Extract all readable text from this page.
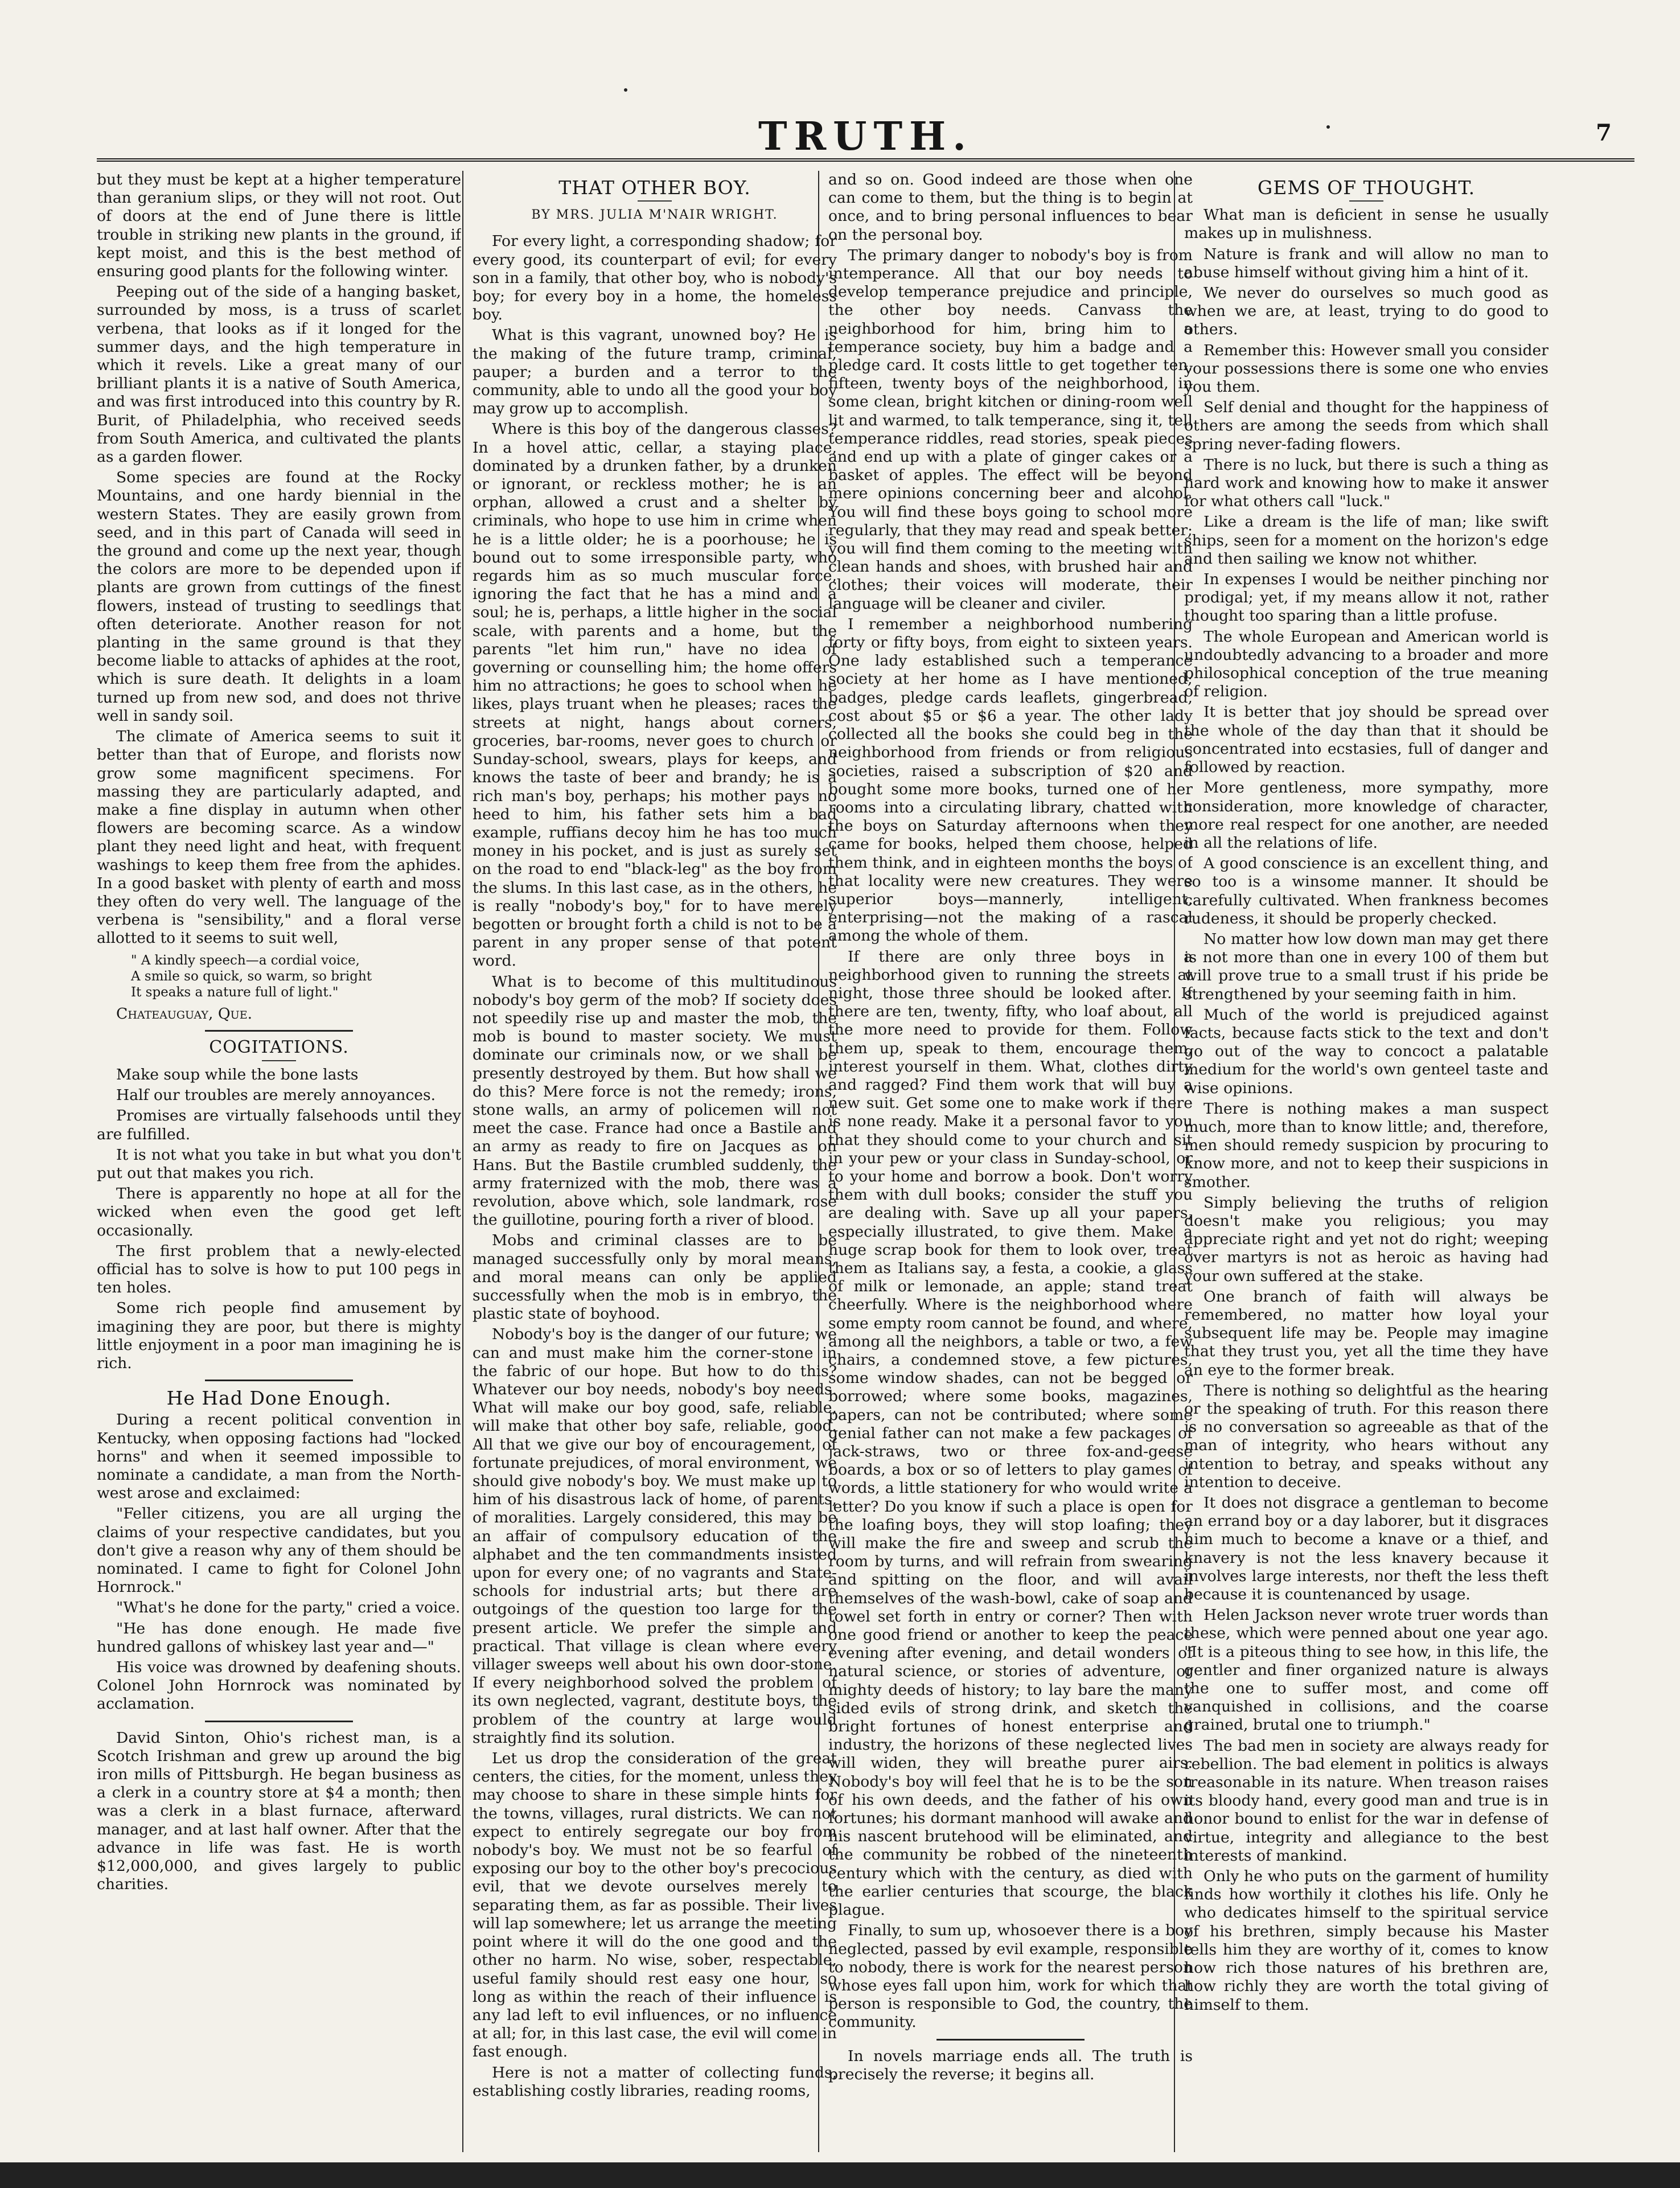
TRUTH.	7

but they must be kept at a higher temperature than geranium slips, or they will not root. Out of doors at the end of June there is little trouble in striking new plants in the ground, if kept moist, and this is the best method of ensuring good plants for the following winter.

Peeping out of the side of a hanging basket, surrounded by moss, is a truss of scarlet verbena, that looks as if it longed for the summer days, and the high temperature in which it revels. Like a great many of our brilliant plants it is a native of South America, and was first introduced into this country by R. Burit, of Philadelphia, who received seeds from South America, and cultivated the plants as a garden flower.

Some species are found at the Rocky Mountains, and one hardy biennial in the western States. They are easily grown from seed, and in this part of Canada will seed in the ground and come up the next year, though the colors are more to be depended upon if plants are grown from cuttings of the finest flowers, instead of trusting to seedlings that often deteriorate. Another reason for not planting in the same ground is that they become liable to attacks of aphides at the root, which is sure death. It delights in a loam turned up from new sod, and does not thrive well in sandy soil.

The climate of America seems to suit it better than that of Europe, and florists now grow some magnificent specimens. For massing they are particularly adapted, and make a fine display in autumn when other flowers are becoming scarce. As a window plant they need light and heat, with frequent washings to keep them free from the aphides. In a good basket with plenty of earth and moss they often do very well. The language of the verbena is "sensibility," and a floral verse allotted to it seems to suit well,

" A kindly speech—a cordial voice,
A smile so quick, so warm, so bright
It speaks a nature full of light."

Chateauguay, Que.

COGITATIONS.

Make soup while the bone lasts

Half our troubles are merely annoyances.

Promises are virtually falsehoods until they are fulfilled.

It is not what you take in but what you don't put out that makes you rich.

There is apparently no hope at all for the wicked when even the good get left occasionally.

The first problem that a newly-elected official has to solve is how to put 100 pegs in ten holes.

Some rich people find amusement by imagining they are poor, but there is mighty little enjoyment in a poor man imagining he is rich.

He Had Done Enough.

During a recent political convention in Kentucky, when opposing factions had "locked horns" and when it seemed impossible to nominate a candidate, a man from the North-west arose and exclaimed:

"Feller citizens, you are all urging the claims of your respective candidates, but you don't give a reason why any of them should be nominated. I came to fight for Colonel John Hornrock."

"What's he done for the party," cried a voice.

"He has done enough. He made five hundred gallons of whiskey last year and—"

His voice was drowned by deafening shouts. Colonel John Hornrock was nominated by acclamation.

David Sinton, Ohio's richest man, is a Scotch Irishman and grew up around the big iron mills of Pittsburgh. He began business as a clerk in a country store at $4 a month; then was a clerk in a blast furnace, afterward manager, and at last half owner. After that the advance in life was fast. He is worth $12,000,000, and gives largely to public charities.

THAT OTHER BOY.
BY MRS. JULIA M'NAIR WRIGHT.

For every light, a corresponding shadow; for every good, its counterpart of evil; for every son in a family, that other boy, who is nobody's boy; for every boy in a home, the homeless boy.

What is this vagrant, unowned boy? He is the making of the future tramp, criminal, pauper; a burden and a terror to the community, able to undo all the good your boy may grow up to accomplish.

Where is this boy of the dangerous classes? In a hovel attic, cellar, a staying place, dominated by a drunken father, by a drunken or ignorant, or reckless mother; he is an orphan, allowed a crust and a shelter by criminals, who hope to use him in crime when he is a little older; he is a poorhouse; he is bound out to some irresponsible party, who regards him as so much muscular force, ignoring the fact that he has a mind and a soul; he is, perhaps, a little higher in the social scale, with parents and a home, but the parents "let him run," have no idea of governing or counselling him; the home offers him no attractions; he goes to school when he likes, plays truant when he pleases; races the streets at night, hangs about corners, groceries, bar-rooms, never goes to church or Sunday-school, swears, plays for keeps, and knows the taste of beer and brandy; he is a rich man's boy, perhaps; his mother pays no heed to him, his father sets him a bad example, ruffians decoy him he has too much money in his pocket, and is just as surely set on the road to end "black-leg" as the boy from the slums. In this last case, as in the others, he is really "nobody's boy," for to have merely begotten or brought forth a child is not to be a parent in any proper sense of that potent word.

What is to become of this multitudinous nobody's boy germ of the mob? If society does not speedily rise up and master the mob, the mob is bound to master society. We must dominate our criminals now, or we shall be presently destroyed by them. But how shall we do this? Mere force is not the remedy; irons, stone walls, an army of policemen will not meet the case. France had once a Bastile and an army as ready to fire on Jacques as on Hans. But the Bastile crumbled suddenly, the army fraternized with the mob, there was a revolution, above which, sole landmark, rose the guillotine, pouring forth a river of blood.

Mobs and criminal classes are to be managed successfully only by moral means, and moral means can only be applied successfully when the mob is in embryo, the plastic state of boyhood.

Nobody's boy is the danger of our future; we can and must make him the corner-stone in the fabric of our hope. But how to do this? Whatever our boy needs, nobody's boy needs. What will make our boy good, safe, reliable, will make that other boy safe, reliable, good. All that we give our boy of encouragement, of fortunate prejudices, of moral environment, we should give nobody's boy. We must make up to him of his disastrous lack of home, of parents, of moralities. Largely considered, this may be an affair of compulsory education of the alphabet and the ten commandments insisted upon for every one; of no vagrants and State-schools for industrial arts; but there are outgoings of the question too large for the present article. We prefer the simple and practical. That village is clean where every villager sweeps well about his own door-stone. If every neighborhood solved the problem of its own neglected, vagrant, destitute boys, the problem of the country at large would straightly find its solution.

Let us drop the consideration of the great centers, the cities, for the moment, unless they may choose to share in these simple hints for the towns, villages, rural districts. We can not expect to entirely segregate our boy from nobody's boy. We must not be so fearful of exposing our boy to the other boy's precocious evil, that we devote ourselves merely to separating them, as far as possible. Their lives will lap somewhere; let us arrange the meeting point where it will do the one good and the other no harm. No wise, sober, respectable, useful family should rest easy one hour, so long as within the reach of their influence is any lad left to evil influences, or no influence at all; for, in this last case, the evil will come in fast enough.

Here is not a matter of collecting funds, establishing costly libraries, reading rooms,

and so on. Good indeed are those when one can come to them, but the thing is to begin at once, and to bring personal influences to bear on the personal boy.

The primary danger to nobody's boy is from intemperance. All that our boy needs to develop temperance prejudice and principle, the other boy needs. Canvass the neighborhood for him, bring him to a temperance society, buy him a badge and a pledge card. It costs little to get together ten, fifteen, twenty boys of the neighborhood, in some clean, bright kitchen or dining-room well lit and warmed, to talk temperance, sing it, tell temperance riddles, read stories, speak pieces and end up with a plate of ginger cakes or a basket of apples. The effect will be beyond mere opinions concerning beer and alcohol. You will find these boys going to school more regularly, that they may read and speak better; you will find them coming to the meeting with clean hands and shoes, with brushed hair and clothes; their voices will moderate, their language will be cleaner and civiler.

I remember a neighborhood numbering forty or fifty boys, from eight to sixteen years. One lady established such a temperance society at her home as I have mentioned; badges, pledge cards leaflets, gingerbread, cost about $5 or $6 a year. The other lady collected all the books she could beg in the neighborhood from friends or from religious societies, raised a subscription of $20 and bought some more books, turned one of her rooms into a circulating library, chatted with the boys on Saturday afternoons when they came for books, helped them choose, helped them think, and in eighteen months the boys of that locality were new creatures. They were superior boys—mannerly, intelligent, enterprising—not the making of a rascal among the whole of them.

If there are only three boys in a neighborhood given to running the streets at night, those three should be looked after. If there are ten, twenty, fifty, who loaf about, all the more need to provide for them. Follow them up, speak to them, encourage them, interest yourself in them. What, clothes dirty and ragged? Find them work that will buy a new suit. Get some one to make work if there is none ready. Make it a personal favor to you that they should come to your church and sit in your pew or your class in Sunday-school, or to your home and borrow a book. Don't worry them with dull books; consider the stuff you are dealing with. Save up all your papers, especially illustrated, to give them. Make a huge scrap book for them to look over, treat them as Italians say, a festa, a cookie, a glass of milk or lemonade, an apple; stand treat cheerfully. Where is the neighborhood where some empty room cannot be found, and where, among all the neighbors, a table or two, a few chairs, a condemned stove, a few pictures, some window shades, can not be begged or borrowed; where some books, magazines, papers, can not be contributed; where some genial father can not make a few packages of jack-straws, two or three fox-and-geese boards, a box or so of letters to play games of words, a little stationery for who would write a letter? Do you know if such a place is open for the loafing boys, they will stop loafing; they will make the fire and sweep and scrub the room by turns, and will refrain from swearing and spitting on the floor, and will avail themselves of the wash-bowl, cake of soap and towel set forth in entry or corner? Then with one good friend or another to keep the peace evening after evening, and detail wonders of natural science, or stories of adventure, or mighty deeds of history; to lay bare the many sided evils of strong drink, and sketch the bright fortunes of honest enterprise and industry, the horizons of these neglected lives will widen, they will breathe purer airs. Nobody's boy will feel that he is to be the son of his own deeds, and the father of his own fortunes; his dormant manhood will awake and his nascent brutehood will be eliminated, and the community be robbed of the nineteenth century which with the century, as died with the earlier centuries that scourge, the black plague.

Finally, to sum up, whosoever there is a boy neglected, passed by evil example, responsible to nobody, there is work for the nearest person whose eyes fall upon him, work for which that person is responsible to God, the country, the community.

In novels marriage ends all. The truth is precisely the reverse; it begins all.

GEMS OF THOUGHT.

What man is deficient in sense he usually makes up in mulishness.

Nature is frank and will allow no man to abuse himself without giving him a hint of it.

We never do ourselves so much good as when we are, at least, trying to do good to others.

Remember this: However small you consider your possessions there is some one who envies you them.

Self denial and thought for the happiness of others are among the seeds from which shall spring never-fading flowers.

There is no luck, but there is such a thing as hard work and knowing how to make it answer for what others call "luck."

Like a dream is the life of man; like swift ships, seen for a moment on the horizon's edge and then sailing we know not whither.

In expenses I would be neither pinching nor prodigal; yet, if my means allow it not, rather thought too sparing than a little profuse.

The whole European and American world is undoubtedly advancing to a broader and more philosophical conception of the true meaning of religion.

It is better that joy should be spread over the whole of the day than that it should be concentrated into ecstasies, full of danger and followed by reaction.

More gentleness, more sympathy, more consideration, more knowledge of character, more real respect for one another, are needed in all the relations of life.

A good conscience is an excellent thing, and so too is a winsome manner. It should be carefully cultivated. When frankness becomes rudeness, it should be properly checked.

No matter how low down man may get there is not more than one in every 100 of them but will prove true to a small trust if his pride be strengthened by your seeming faith in him.

Much of the world is prejudiced against facts, because facts stick to the text and don't go out of the way to concoct a palatable medium for the world's own genteel taste and wise opinions.

There is nothing makes a man suspect much, more than to know little; and, therefore, men should remedy suspicion by procuring to know more, and not to keep their suspicions in smother.

Simply believing the truths of religion doesn't make you religious; you may appreciate right and yet not do right; weeping over martyrs is not as heroic as having had your own suffered at the stake.

One branch of faith will always be remembered, no matter how loyal your subsequent life may be. People may imagine that they trust you, yet all the time they have an eye to the former break.

There is nothing so delightful as the hearing or the speaking of truth. For this reason there is no conversation so agreeable as that of the man of integrity, who hears without any intention to betray, and speaks without any intention to deceive.

It does not disgrace a gentleman to become an errand boy or a day laborer, but it disgraces him much to become a knave or a thief, and knavery is not the less knavery because it involves large interests, nor theft the less theft because it is countenanced by usage.

Helen Jackson never wrote truer words than these, which were penned about one year ago. "It is a piteous thing to see how, in this life, the gentler and finer organized nature is always the one to suffer most, and come off vanquished in collisions, and the coarse grained, brutal one to triumph."

The bad men in society are always ready for rebellion. The bad element in politics is always treasonable in its nature. When treason raises its bloody hand, every good man and true is in honor bound to enlist for the war in defense of virtue, integrity and allegiance to the best interests of mankind.

Only he who puts on the garment of humility finds how worthily it clothes his life. Only he who dedicates himself to the spiritual service of his brethren, simply because his Master tells him they are worthy of it, comes to know how rich those natures of his brethren are, how richly they are worth the total giving of himself to them.
